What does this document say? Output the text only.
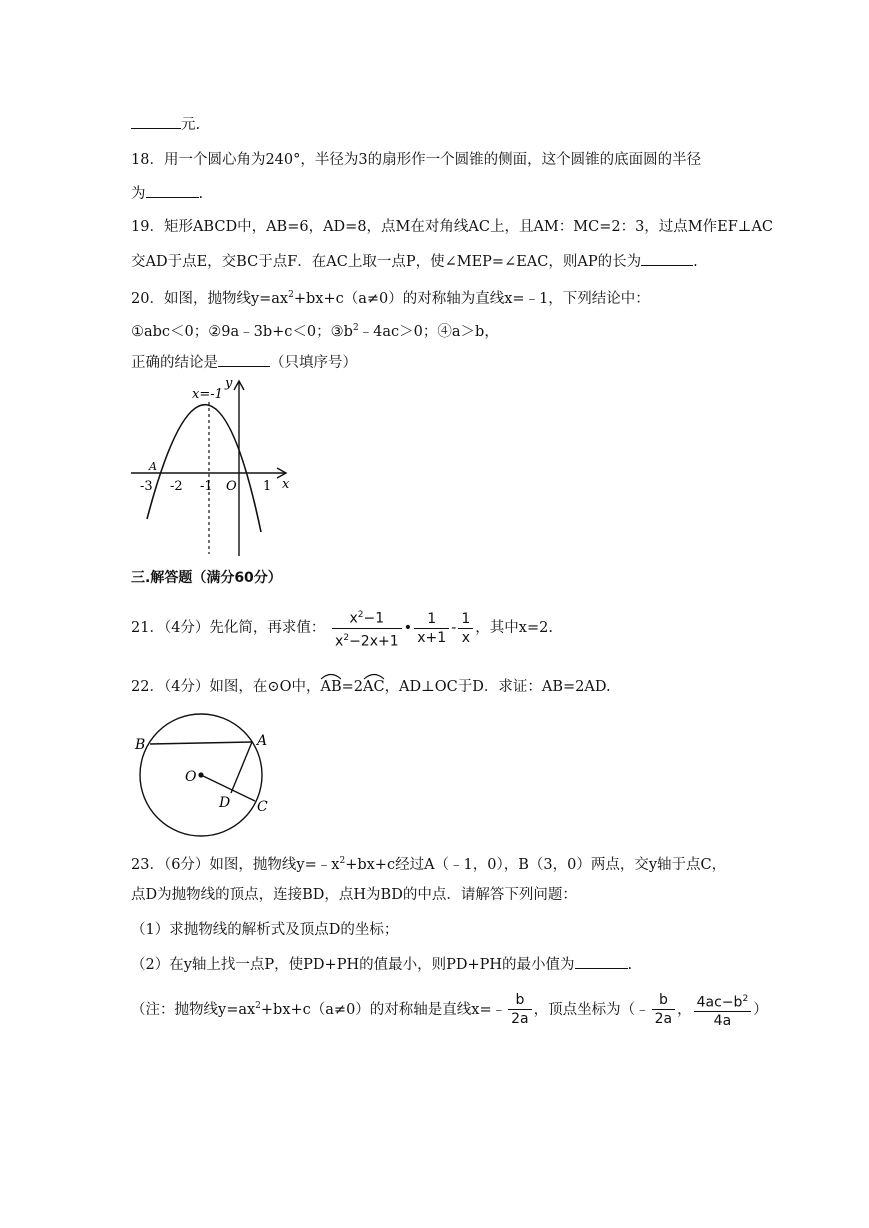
元.
18．用一个圆心角为240°，半径为3的扇形作一个圆锥的侧面，这个圆锥的底面圆的半径
为	.
19．矩形ABCD中，AB=6，AD=8，点M在对角线AC上，且AM：MC=2：3，过点M作EF⊥AC
交AD于点E，交BC于点F．在AC上取一点P，使∠MEP=∠EAC，则AP的长为	.
20．如图，抛物线$y=ax^2+bx+c(a\ne 0)$的对称轴为直线x=﹣1，下列结论中：
①abc＜0；②9a﹣3b+c＜0；$③b^2﹣4ac>0$；④a＞b，
正确的结论是	（只填序号）
y
x
x=-1
A
O
-3 -2 -1	1
三.解答题（满分60分）
21．（4分）先化简，再求值： $\frac{x^2-1}{x^2-2x+1}$ • $\frac{1}{x+1} - \frac{1}{x}$ ，其中x=2.
22．（4分）如图，在⊙O中，
AB=2
AC，AD⊥OC于D．求证：AB=2AD.
B	A
O
D C
23．（6分）如图，抛物线$y=﹣x^2+bx+c$经过A（﹣1，0），B（3，0）两点，交y轴于点C，
点D为抛物线的顶点，连接BD，点H为BD的中点．请解答下列问题：
（1）求抛物线的解析式及顶点D的坐标；
（2）在y轴上找一点P，使PD+PH的值最小，则PD+PH的最小值为	.
（注：抛物线$y=ax^2+bx+c(a\ne 0)$的对称轴是直线x=﹣ $\frac{b}{2a}$ ，顶点坐标为（﹣ $\frac{b}{2a}$ ， $\frac{4ac-b^2}{4a}$ ）
